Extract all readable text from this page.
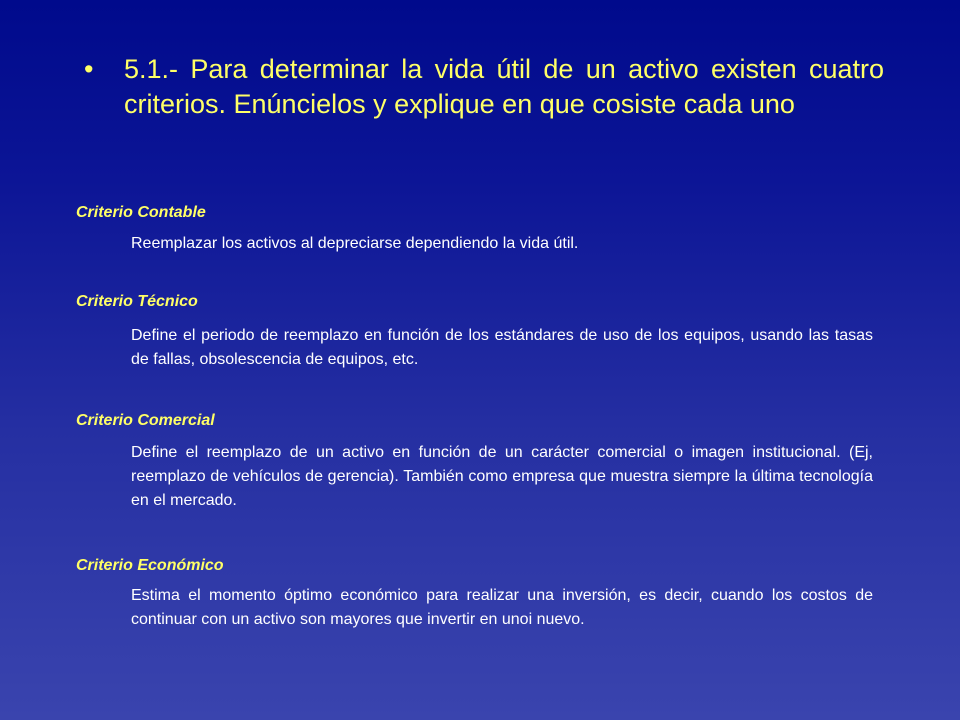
•	5.1.- Para determinar la vida útil de un activo existen cuatro criterios. Enúncielos y explique en que cosiste cada uno
Criterio Contable
Reemplazar los activos al depreciarse dependiendo la vida útil.
Criterio Técnico
Define el periodo de reemplazo en función de los estándares de uso de los equipos, usando las tasas de fallas, obsolescencia de equipos, etc.
Criterio Comercial
Define el reemplazo de un activo en función de un carácter comercial o imagen institucional. (Ej, reemplazo de vehículos de gerencia). También como empresa que muestra siempre la última tecnología en el mercado.
Criterio Económico
Estima el momento óptimo económico para realizar una inversión, es decir, cuando los costos de continuar con un activo son mayores que invertir en unoi nuevo.
